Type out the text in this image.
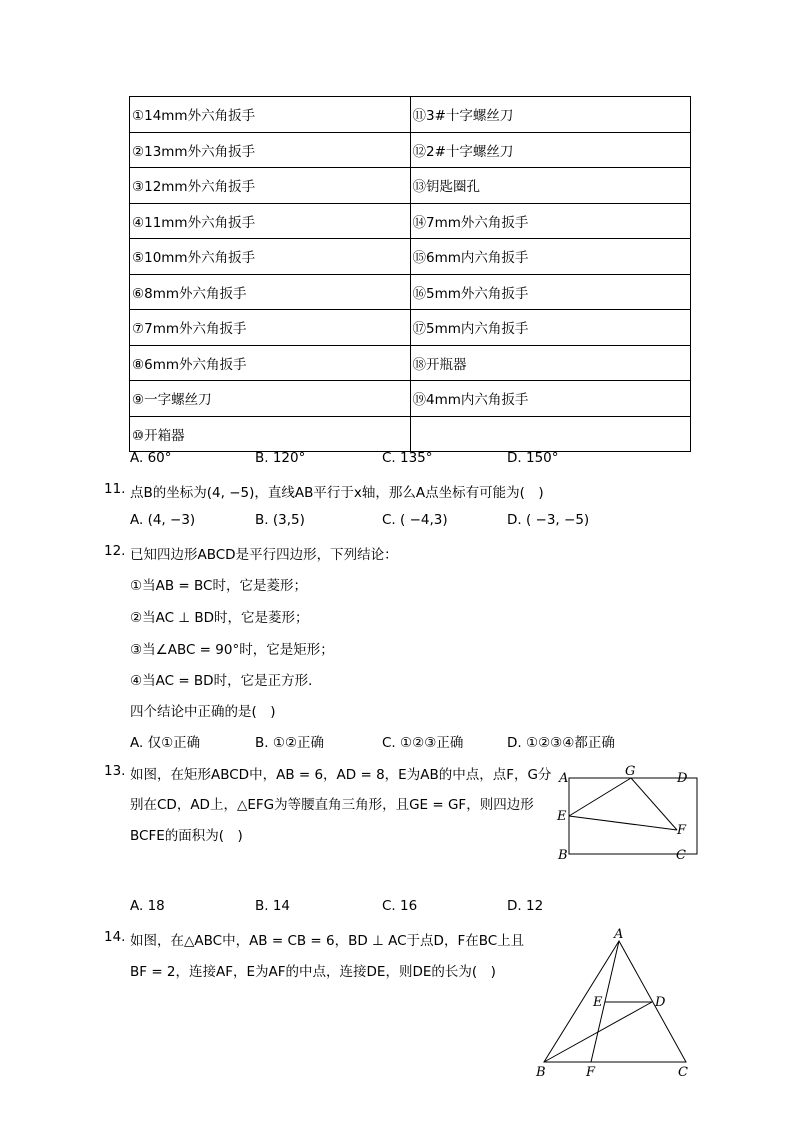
①14mm外六角扳手	⑪3#十字螺丝刀
②13mm外六角扳手	⑫2#十字螺丝刀
③12mm外六角扳手	⑬钥匙圈孔
④11mm外六角扳手	⑭7mm外六角扳手
⑤10mm外六角扳手	⑮6mm内六角扳手
⑥8mm外六角扳手	⑯5mm外六角扳手
⑦7mm外六角扳手	⑰5mm内六角扳手
⑧6mm外六角扳手	⑱开瓶器
⑨一字螺丝刀	⑲4mm内六角扳手
⑩开箱器	
A. 60°	B. 120°	C. 135°	D. 150°
11. 点B的坐标为(4, −5)，直线AB平行于x轴，那么A点坐标有可能为(　)
A. (4, −3)	B. (3,5)	C. ( −4,3)	D. ( −3, −5)
12. 已知四边形ABCD是平行四边形，下列结论：
①当AB = BC时，它是菱形；
②当AC ⊥ BD时，它是菱形；
③当∠ABC = 90°时，它是矩形；
④当AC = BD时，它是正方形．
四个结论中正确的是(　)
A. 仅①正确	B. ①②正确	C. ①②③正确	D. ①②③④都正确
13. 如图，在矩形ABCD中，AB = 6，AD = 8，E为AB的中点，点F，G分
别在CD，AD上，△EFG为等腰直角三角形，且GE = GF，则四边形
BCFE的面积为(　)
A	G	D
E
F
B	C
A. 18	B. 14	C. 16	D. 12
14. 如图，在△ABC中，AB = CB = 6，BD ⊥ AC于点D，F在BC上且
BF = 2，连接AF，E为AF的中点，连接DE，则DE的长为(　)
A
E	D
B	F	C
